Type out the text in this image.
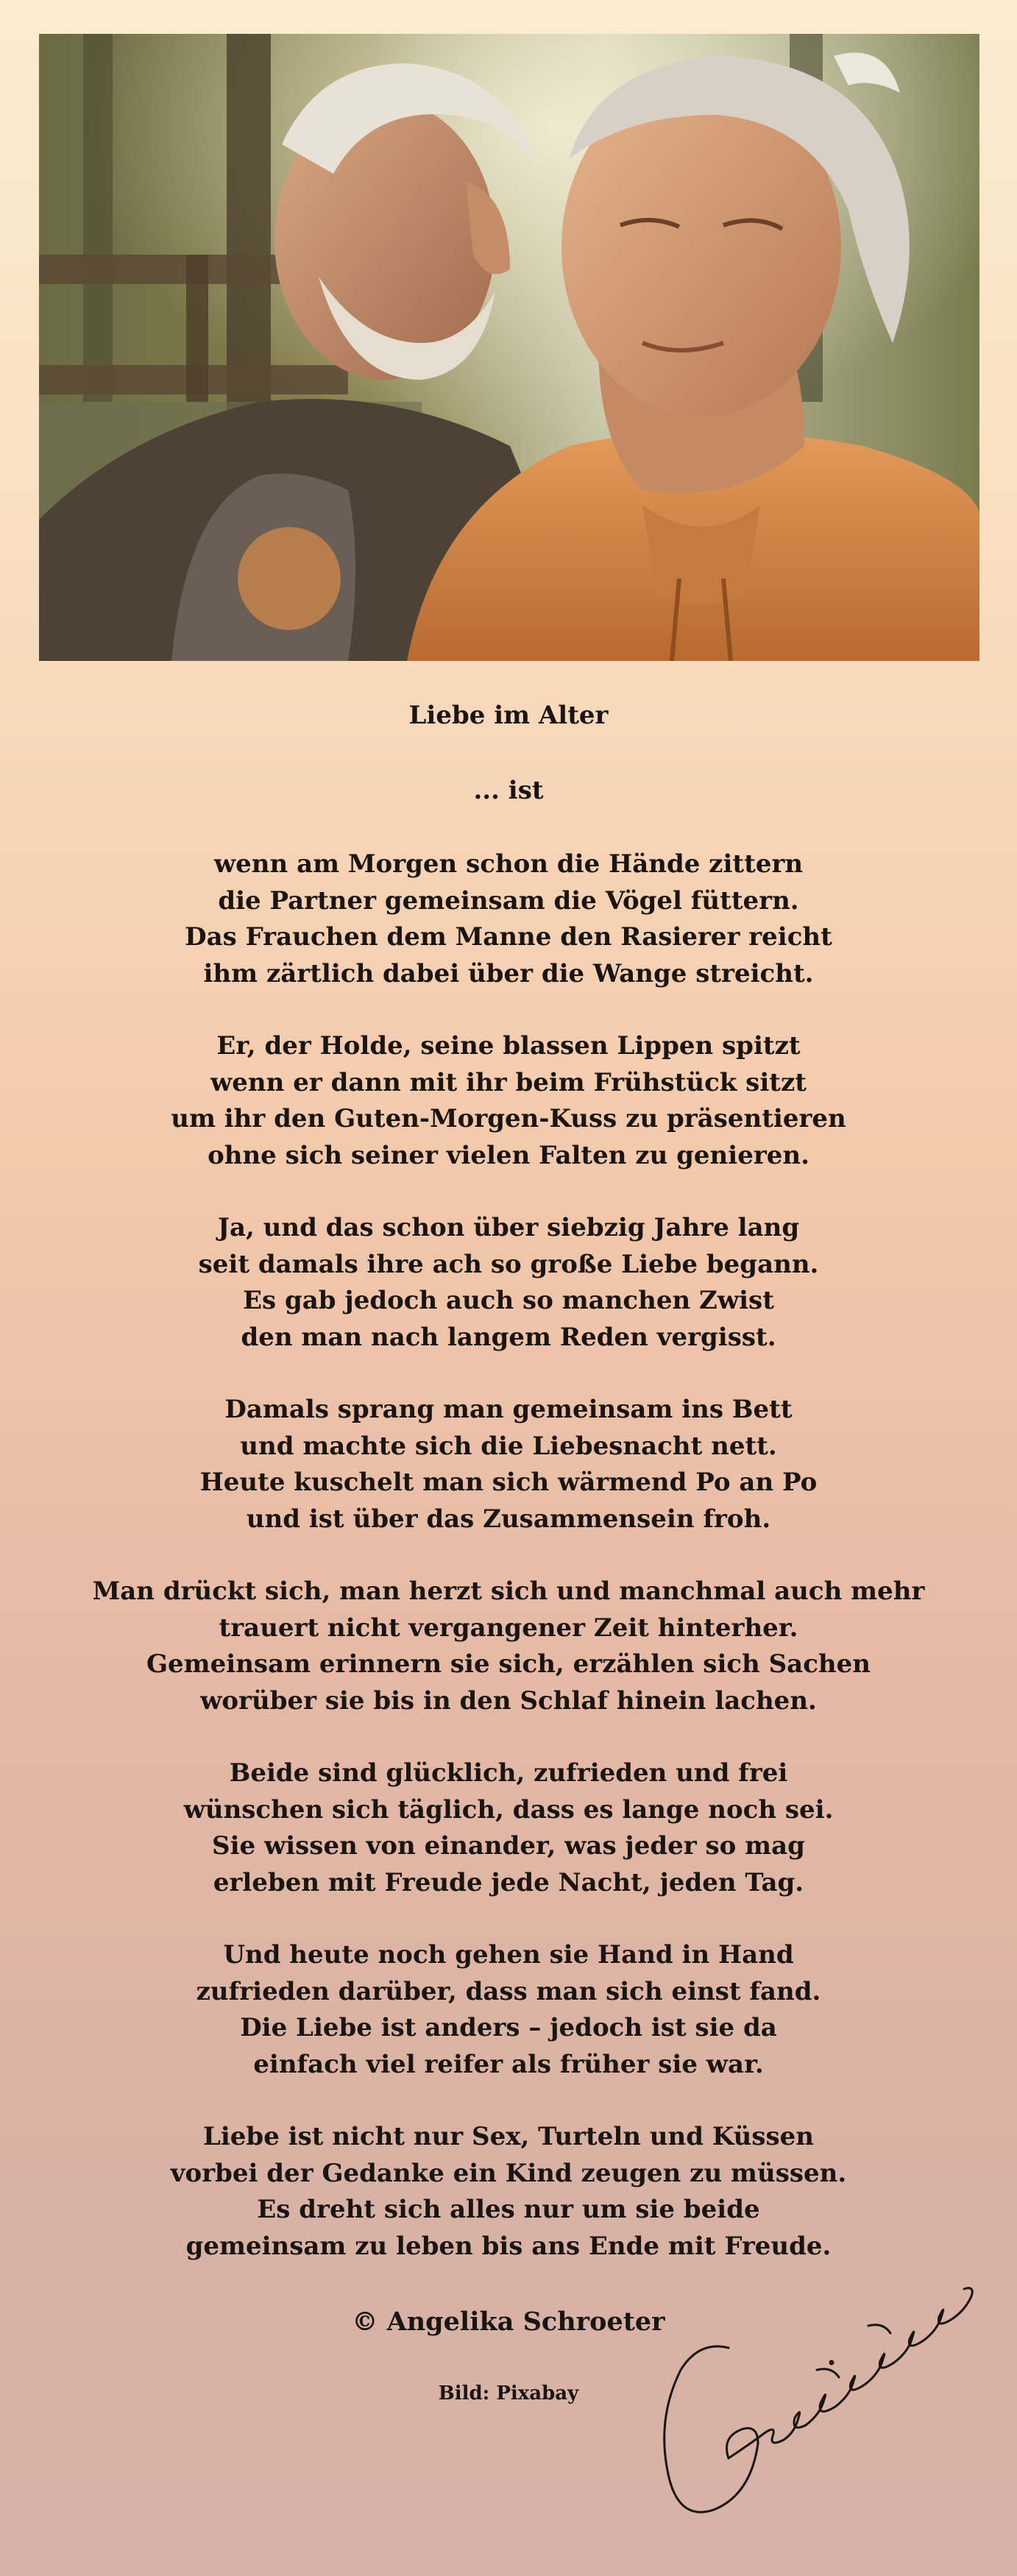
Liebe im Alter
... ist
wenn am Morgen schon die Hände zittern
die Partner gemeinsam die Vögel füttern.
Das Frauchen dem Manne den Rasierer reicht
ihm zärtlich dabei über die Wange streicht.
Er, der Holde, seine blassen Lippen spitzt
wenn er dann mit ihr beim Frühstück sitzt
um ihr den Guten-Morgen-Kuss zu präsentieren
ohne sich seiner vielen Falten zu genieren.
Ja, und das schon über siebzig Jahre lang
seit damals ihre ach so große Liebe begann.
Es gab jedoch auch so manchen Zwist
den man nach langem Reden vergisst.
Damals sprang man gemeinsam ins Bett
und machte sich die Liebesnacht nett.
Heute kuschelt man sich wärmend Po an Po
und ist über das Zusammensein froh.
Man drückt sich, man herzt sich und manchmal auch mehr
trauert nicht vergangener Zeit hinterher.
Gemeinsam erinnern sie sich, erzählen sich Sachen
worüber sie bis in den Schlaf hinein lachen.
Beide sind glücklich, zufrieden und frei
wünschen sich täglich, dass es lange noch sei.
Sie wissen von einander, was jeder so mag
erleben mit Freude jede Nacht, jeden Tag.
Und heute noch gehen sie Hand in Hand
zufrieden darüber, dass man sich einst fand.
Die Liebe ist anders – jedoch ist sie da
einfach viel reifer als früher sie war.
Liebe ist nicht nur Sex, Turteln und Küssen
vorbei der Gedanke ein Kind zeugen zu müssen.
Es dreht sich alles nur um sie beide
gemeinsam zu leben bis ans Ende mit Freude.
© Angelika Schroeter
Bild: Pixabay
